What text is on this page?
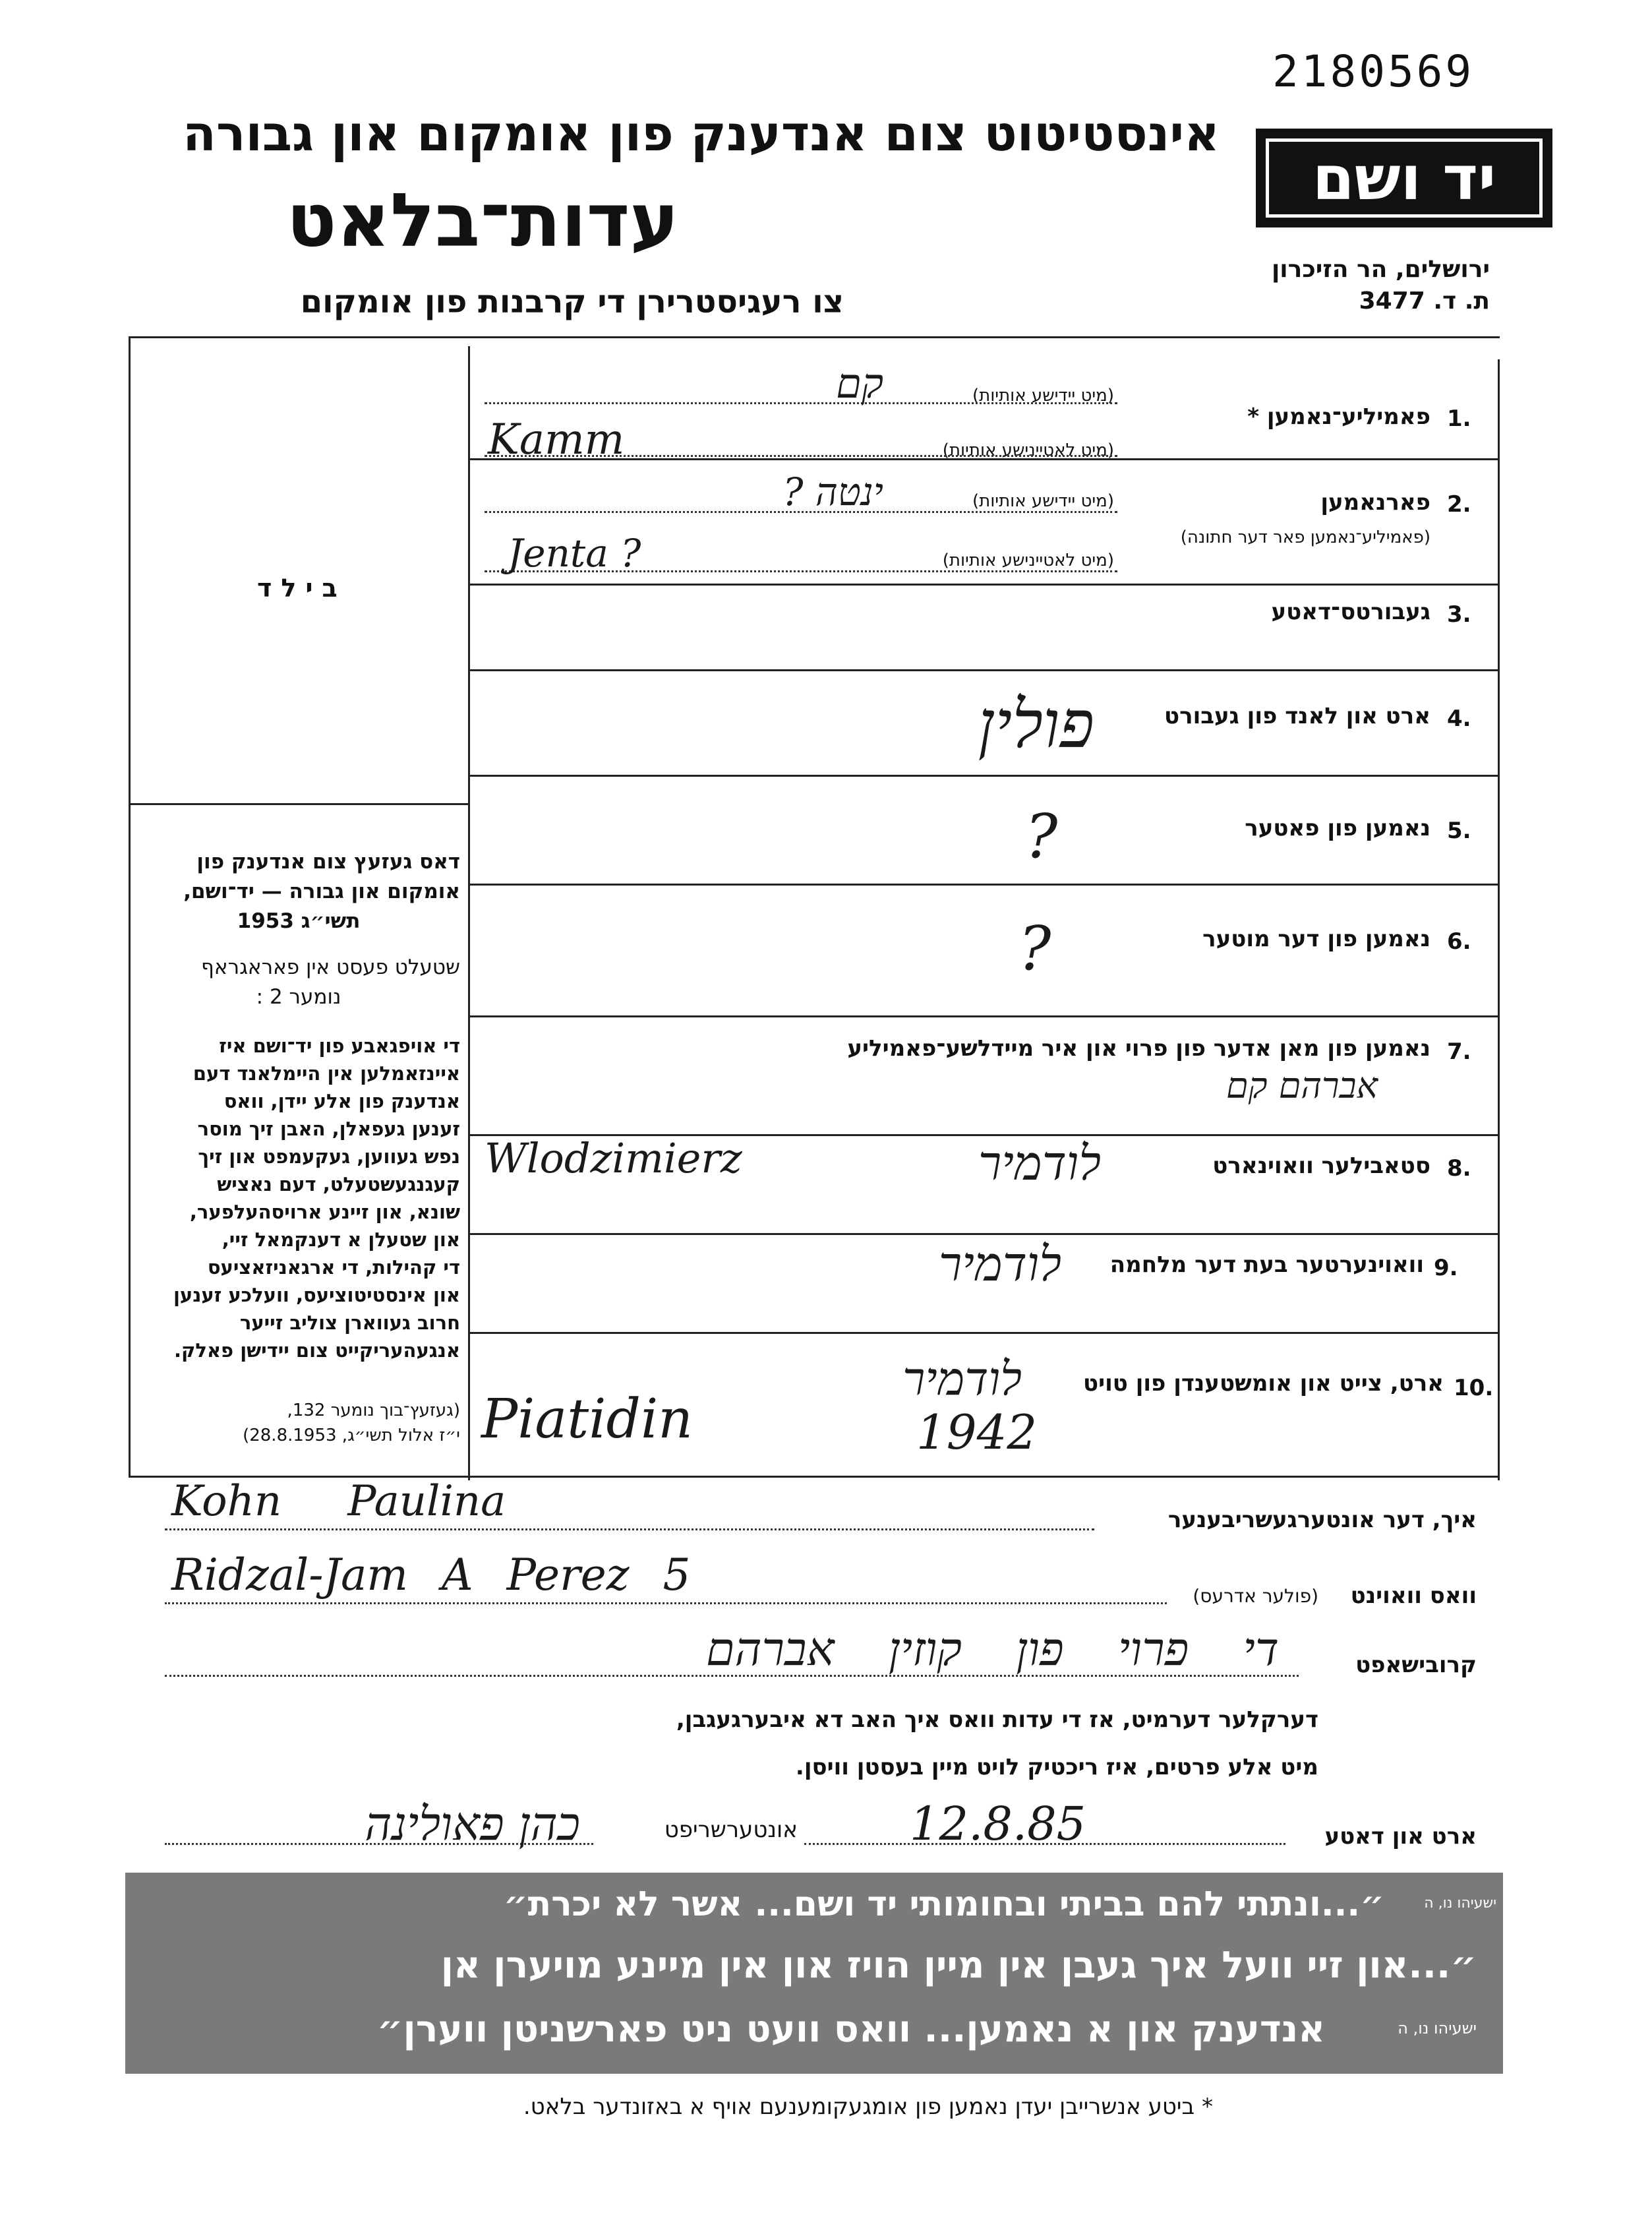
2180569
יד ושם
ירושלים, הר הזיכרון
ת. ד. 3477
אינסטיטוט צום אנדענק פון אומקום און גבורה
עדות־בלאט
צו רעגיסטרירן די קרבנות פון אומקום
בילד
דאס געזעץ צום אנדענק פון
אומקום און גבורה — יד־ושם,
תשי״ג 1953
שטעלט פעסט אין פאראגראף
נומער 2 :
די אויפגאבע פון יד־ושם איז
איינזאמלען אין היימלאנד דעם
אנדענק פון אלע יידן, וואס
זענען געפאלן, האבן זיך מוסר
נפש געווען, געקעמפט און זיך
קעגנגעשטעלט, דעם נאציש
שונא, און זיינע ארויסהעלפער,
און שטעלן א דענקמאל זיי,
די קהילות, די ארגאניזאציעס
און אינסטיטוציעס, וועלכע זענען
חרוב געווארן צוליב זייער
אנגעהעריקייט צום יידישן פאלק.
(געזעץ־בוך נומער 132,
י״ז אלול תשי״ג, 28.8.1953)
1.
פאמיליע־נאמען *
(מיט יידישע אותיות)
קם
(מיט לאטיינישע אותיות)
Kamm
2.
פארנאמען
(פאמיליע־נאמען פאר דער חתונה)
(מיט יידישע אותיות)
ינטה ?
(מיט לאטיינישע אותיות)
Jenta ?
3.
געבורטס־דאטע
4.
ארט און לאנד פון געבורט
פולין
5.
נאמען פון פאטער
?
6.
נאמען פון דער מוטער
?
7.
נאמען פון מאן אדער פון פרוי און איר מיידלשע־פאמיליע
אברהם קם
8.
סטאבילער וואוינארט
Wlodzimierz	לודמיר
9.
וואוינערטער בעת דער מלחמה
לודמיר
10.
ארט, צייט און אומשטענדן פון טויט
לודמיר
Piatidin	1942
איך, דער אונטערגעשריבענער
Kohn Paulina
וואס וואוינט
(פולער אדרעס)
Ridzal-Jam A Perez 5
קרובישאפט
די פרוי פון קוזין אברהם
דערקלער דערמיט, אז די עדות וואס איך האב דא איבערגעגבן,
מיט אלע פרטים, איז ריכטיק לויט מיין בעסטן וויסן.
ארט און דאטע
12.8.85
אונטערשריפט
כהן פאולינה
״...ונתתי להם בביתי ובחומותי יד ושם... אשר לא יכרת״	ישעיהו נו, ה
״...און זיי וועל איך געבן אין מיין הויז און אין מיינע מויערן אן
אנדענק און א נאמען... וואס וועט ניט פארשניטן ווערן״	ישעיהו נו, ה
* ביטע אנשרייבן יעדן נאמען פון אומגעקומענעם אויף א באזונדער בלאט.
